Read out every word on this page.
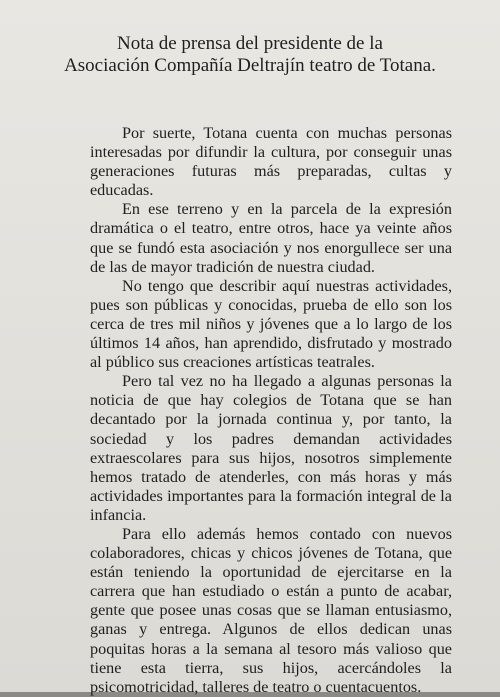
Nota de prensa del presidente de la
Asociación Compañía Deltrajín teatro de Totana.

Por suerte, Totana cuenta con muchas personas interesadas por difundir la cultura, por conseguir unas generaciones futuras más preparadas, cultas y educadas.

En ese terreno y en la parcela de la expresión dramática o el teatro, entre otros, hace ya veinte años que se fundó esta asociación y nos enorgullece ser una de las de mayor tradición de nuestra ciudad.

No tengo que describir aquí nuestras actividades, pues son públicas y conocidas, prueba de ello son los cerca de tres mil niños y jóvenes que a lo largo de los últimos 14 años, han aprendido, disfrutado y mostrado al público sus creaciones artísticas teatrales.

Pero tal vez no ha llegado a algunas personas la noticia de que hay colegios de Totana que se han decantado por la jornada continua y, por tanto, la sociedad y los padres demandan actividades extraescolares para sus hijos, nosotros simplemente hemos tratado de atenderles, con más horas y más actividades importantes para la formación integral de la infancia.

Para ello además hemos contado con nuevos colaboradores, chicas y chicos jóvenes de Totana, que están teniendo la oportunidad de ejercitarse en la carrera que han estudiado o están a punto de acabar, gente que posee unas cosas que se llaman entusiasmo, ganas y entrega. Algunos de ellos dedican unas poquitas horas a la semana al tesoro más valioso que tiene esta tierra, sus hijos, acercándoles la psicomotricidad, talleres de teatro o cuentacuentos.
